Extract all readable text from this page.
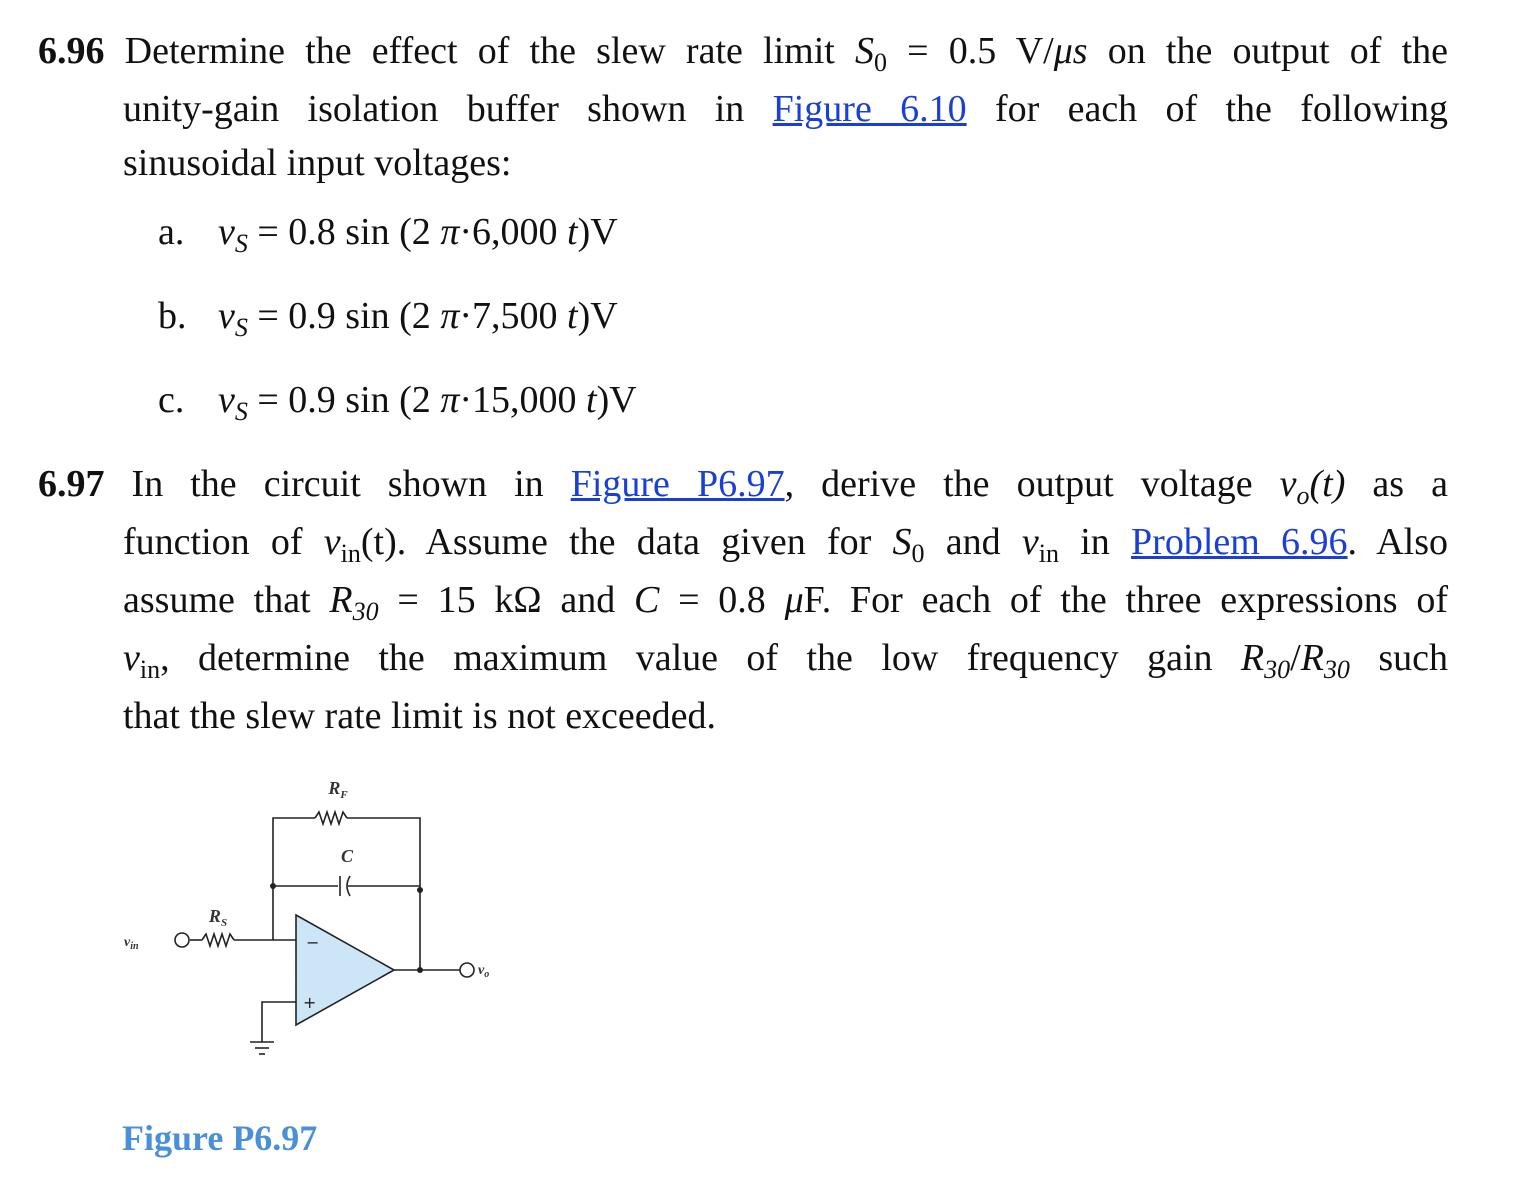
6.96 Determine the effect of the slew rate limit $S_0 = 0.5$ V/μs on the output of the
unity-gain isolation buffer shown in Figure 6.10 for each of the following
sinusoidal input voltages:
a. $v_S = 0.8$ sin (2 π·6,000 t)V
b. $v_S = 0.9$ sin (2 π·7,500 t)V
c. $v_S = 0.9$ sin (2 π·15,000 t)V
6.97 In the circuit shown in Figure P6.97, derive the output voltage $v_o(t)$ as a
function of $v_{in}(t)$. Assume the data given for $S_0$ and $v_{in}$ in Problem 6.96. Also
assume that $R_{30} = 15$ kΩ and C = 0.8 μF. For each of the three expressions of
$v_{in}$, determine the maximum value of the low frequency gain $R_{30}/R_{30}$ such
that the slew rate limit is not exceeded.
$R_F$
C
$R_S$
$v_{in}$
$v_o$
−
+
Figure P6.97
